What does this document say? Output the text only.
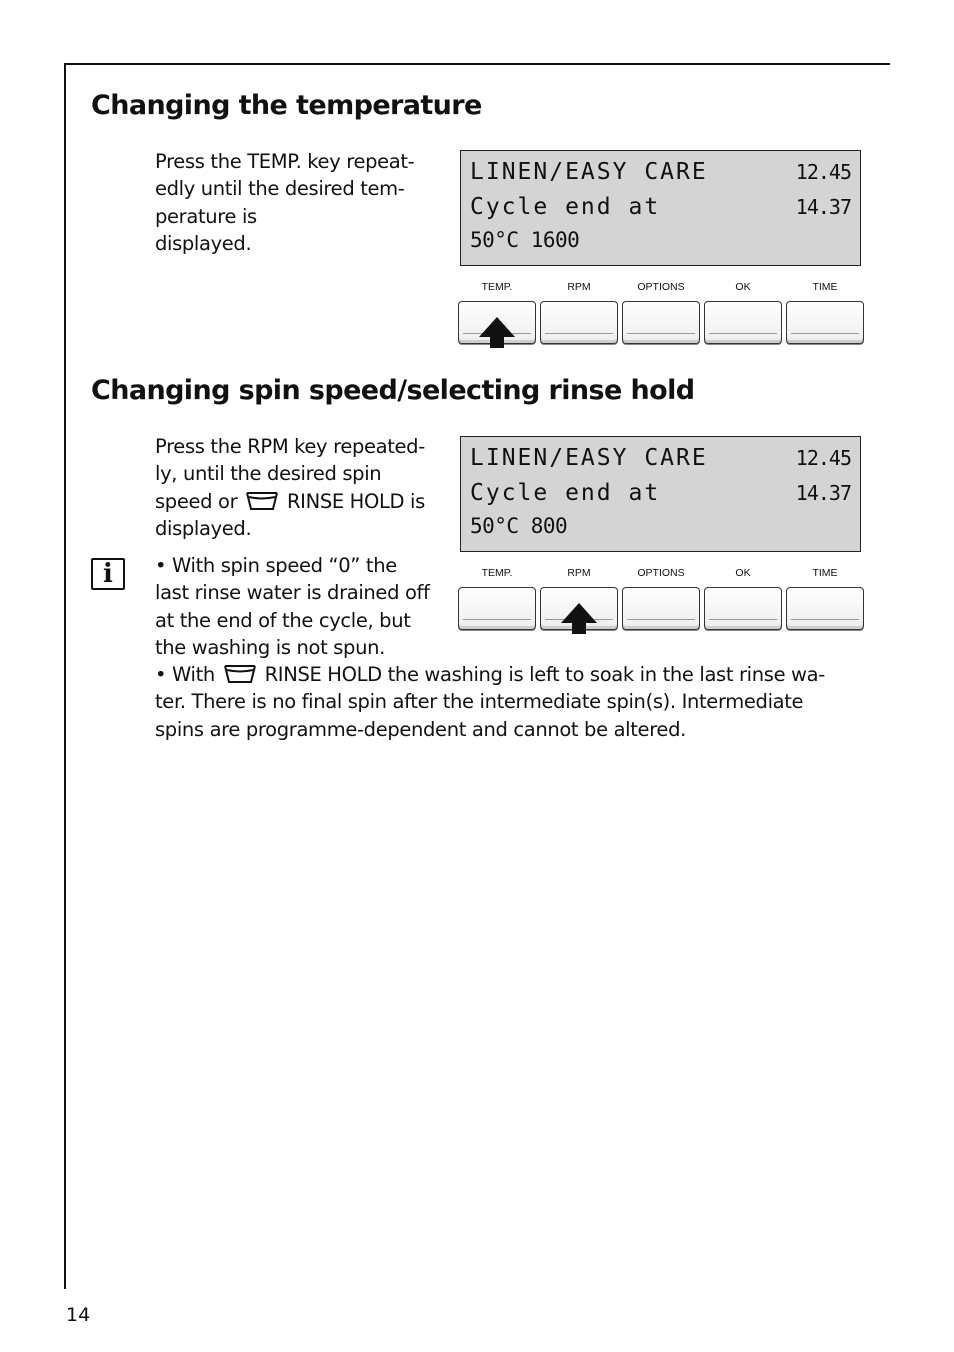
Changing the temperature
Press the TEMP. key repeat-
edly until the desired tem-
perature is
displayed.
LINEN/EASY CARE	12.45
Cycle end at	14.37
50°C 1600
TEMP.	RPM	OPTIONS	OK	TIME
Changing spin speed/selecting rinse hold
Press the RPM key repeated-
ly, until the desired spin
speed or	RINSE HOLD is
displayed.
i • With spin speed “0” the
last rinse water is drained off
at the end of the cycle, but
the washing is not spun.
• With	RINSE HOLD the washing is left to soak in the last rinse wa-
ter. There is no final spin after the intermediate spin(s). Intermediate
spins are programme-dependent and cannot be altered.
LINEN/EASY CARE	12.45
Cycle end at	14.37
50°C 800
TEMP.	RPM	OPTIONS	OK	TIME
14
